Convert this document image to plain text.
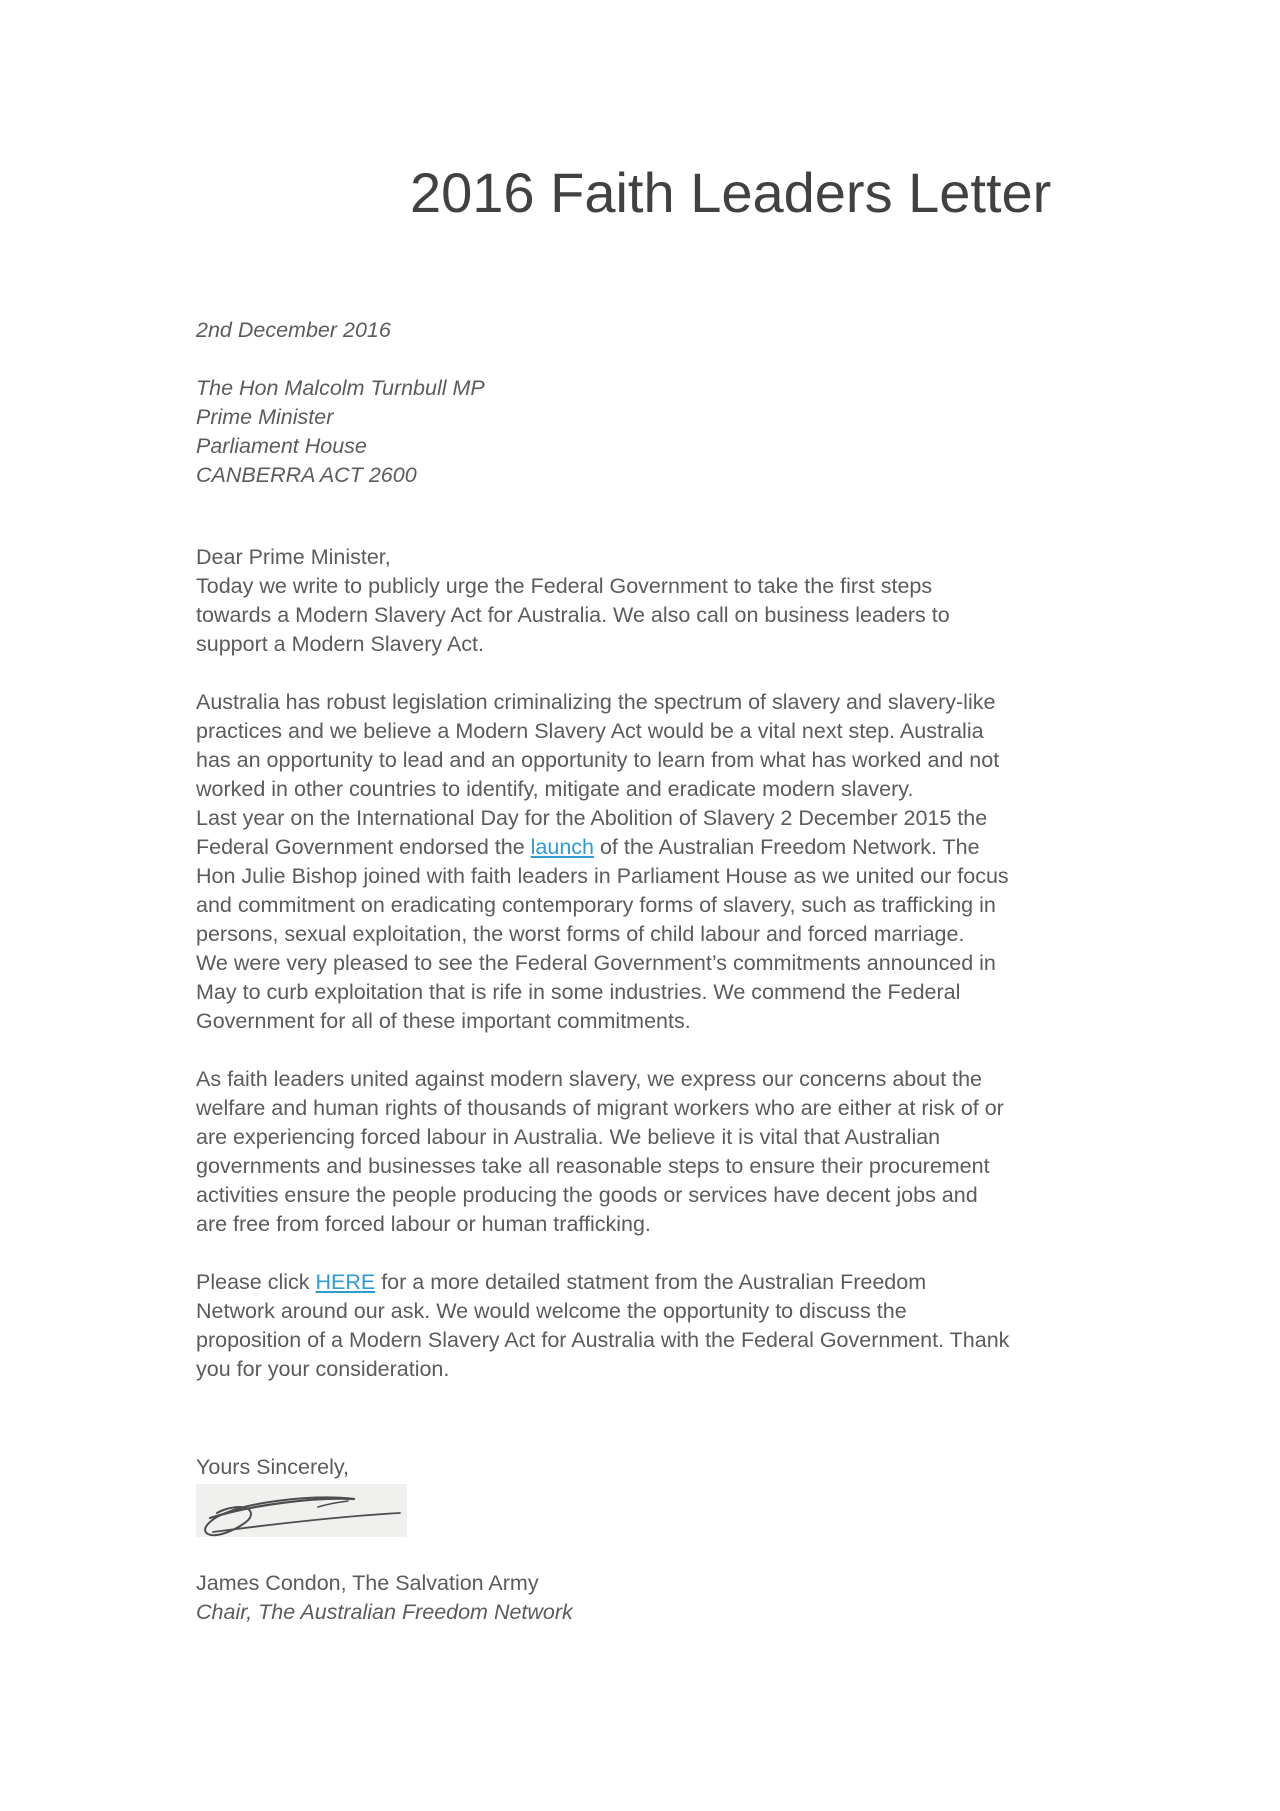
2016 Faith Leaders Letter
2nd December 2016
The Hon Malcolm Turnbull MP
Prime Minister
Parliament House
CANBERRA ACT 2600
Dear Prime Minister,
Today we write to publicly urge the Federal Government to take the first steps
towards a Modern Slavery Act for Australia. We also call on business leaders to
support a Modern Slavery Act.
Australia has robust legislation criminalizing the spectrum of slavery and slavery-like
practices and we believe a Modern Slavery Act would be a vital next step. Australia
has an opportunity to lead and an opportunity to learn from what has worked and not
worked in other countries to identify, mitigate and eradicate modern slavery.
Last year on the International Day for the Abolition of Slavery 2 December 2015 the
Federal Government endorsed the launch of the Australian Freedom Network. The
Hon Julie Bishop joined with faith leaders in Parliament House as we united our focus
and commitment on eradicating contemporary forms of slavery, such as trafficking in
persons, sexual exploitation, the worst forms of child labour and forced marriage.
We were very pleased to see the Federal Government’s commitments announced in
May to curb exploitation that is rife in some industries. We commend the Federal
Government for all of these important commitments.
As faith leaders united against modern slavery, we express our concerns about the
welfare and human rights of thousands of migrant workers who are either at risk of or
are experiencing forced labour in Australia. We believe it is vital that Australian
governments and businesses take all reasonable steps to ensure their procurement
activities ensure the people producing the goods or services have decent jobs and
are free from forced labour or human trafficking.
Please click HERE for a more detailed statment from the Australian Freedom
Network around our ask. We would welcome the opportunity to discuss the
proposition of a Modern Slavery Act for Australia with the Federal Government. Thank
you for your consideration.
Yours Sincerely,
James Condon, The Salvation Army
Chair, The Australian Freedom Network
